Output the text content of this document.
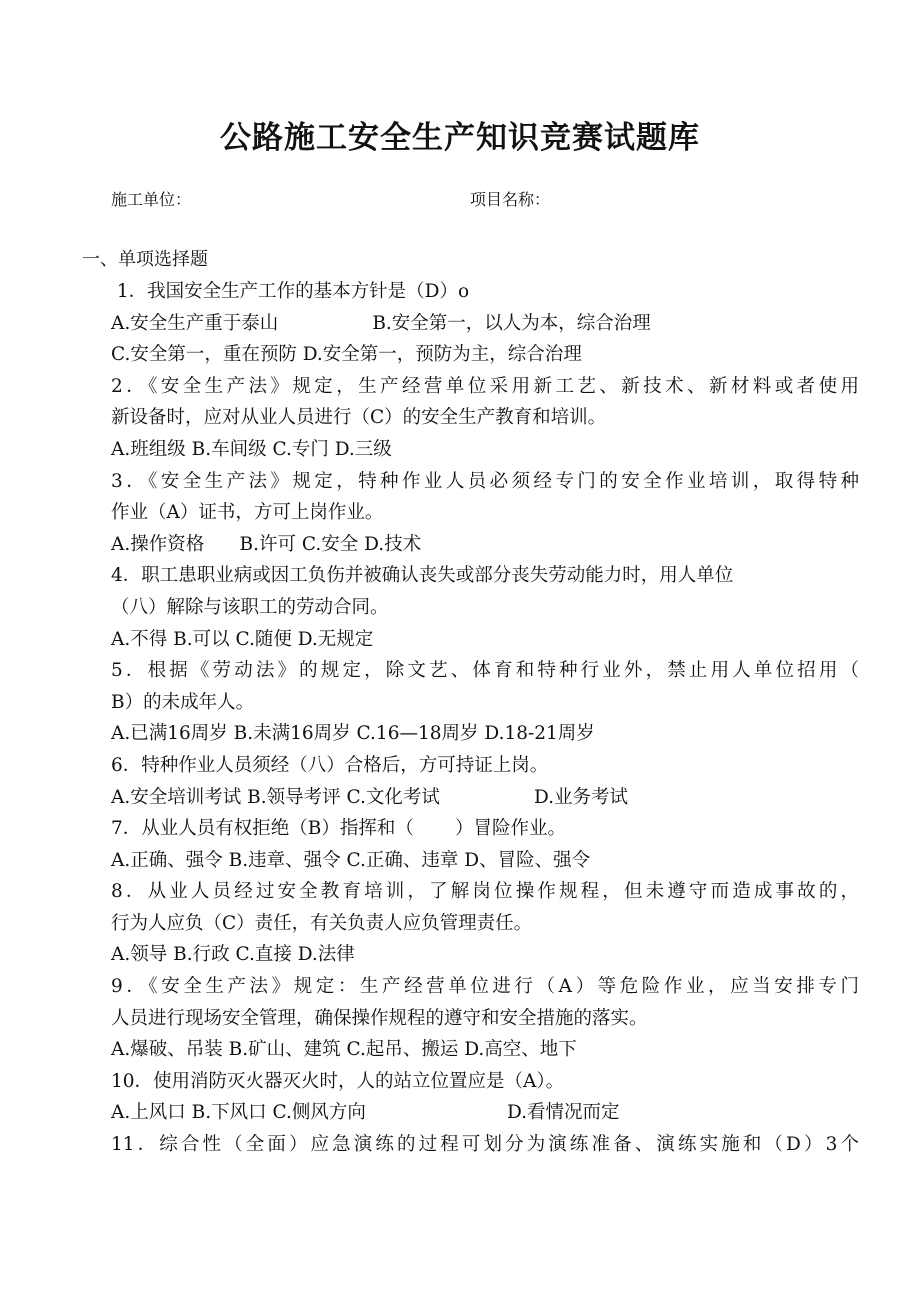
公路施工安全生产知识竞赛试题库
施工单位：	项目名称：
一、单项选择题
1．我国安全生产工作的基本方针是（D）o
A.安全生产重于泰山                B.安全第一，以人为本，综合治理
C.安全第一，重在预防 D.安全第一，预防为主，综合治理
2．《安全生产法》规定，生产经营单位采用新工艺、新技术、新材料或者使用
新设备时，应对从业人员进行（C）的安全生产教育和培训。
A.班组级 B.车间级 C.专门 D.三级
3．《安全生产法》规定，特种作业人员必须经专门的安全作业培训，取得特种
作业（A）证书，方可上岗作业。
A.操作资格      B.许可 C.安全 D.技术
4．职工患职业病或因工负伤并被确认丧失或部分丧失劳动能力时，用人单位
（八）解除与该职工的劳动合同。
A.不得 B.可以 C.随便 D.无规定
5．根据《劳动法》的规定，除文艺、体育和特种行业外，禁止用人单位招用（
B）的未成年人。
A.已满16周岁 B.未满16周岁 C.16—18周岁 D.18-21周岁
6．特种作业人员须经（八）合格后，方可持证上岗。
A.安全培训考试 B.领导考评 C.文化考试                D.业务考试
7．从业人员有权拒绝（B）指挥和（       ）冒险作业。
A.正确、强令 B.违章、强令 C.正确、违章 D、冒险、强令
8．从业人员经过安全教育培训，了解岗位操作规程，但未遵守而造成事故的，
行为人应负（C）责任，有关负责人应负管理责任。
A.领导 B.行政 C.直接 D.法律
9．《安全生产法》规定：生产经营单位进行（A）等危险作业，应当安排专门
人员进行现场安全管理，确保操作规程的遵守和安全措施的落实。
A.爆破、吊装 B.矿山、建筑 C.起吊、搬运 D.高空、地下
10．使用消防灭火器灭火时，人的站立位置应是（A）。
A.上风口 B.下风口 C.侧风方向                        D.看情况而定
11．综合性（全面）应急演练的过程可划分为演练准备、演练实施和（D）3个
